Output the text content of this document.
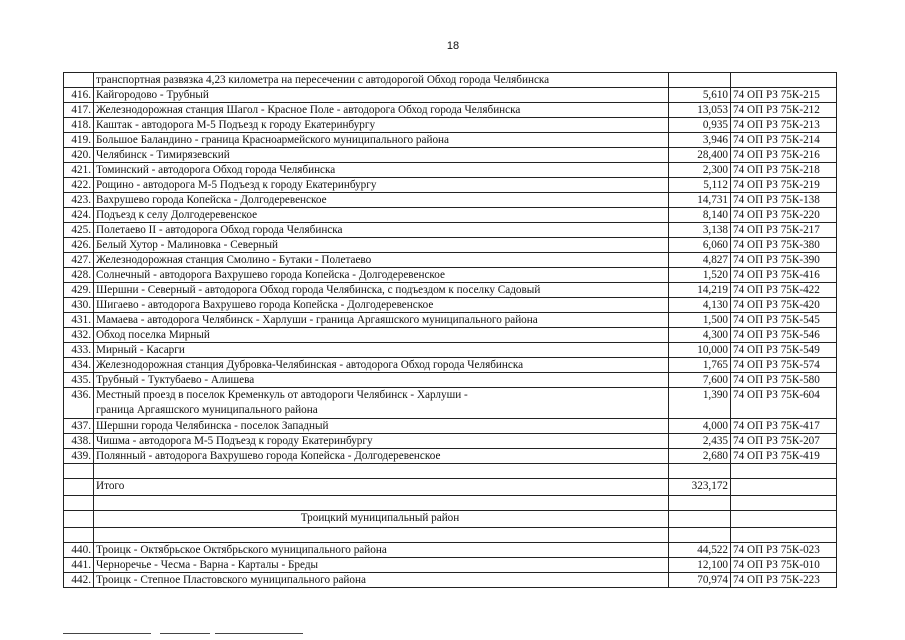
18
	транспортная развязка 4,23 километра на пересечении с автодорогой Обход города Челябинска		
416.	Кайгородово - Трубный	5,610	74 ОП РЗ 75К-215
417.	Железнодорожная станция Шагол - Красное Поле - автодорога Обход города Челябинска	13,053	74 ОП РЗ 75К-212
418.	Каштак - автодорога М-5 Подъезд к городу Екатеринбургу	0,935	74 ОП РЗ 75К-213
419.	Большое Баландино - граница Красноармейского муниципального района	3,946	74 ОП РЗ 75К-214
420.	Челябинск - Тимирязевский	28,400	74 ОП РЗ 75К-216
421.	Томинский - автодорога Обход города Челябинска	2,300	74 ОП РЗ 75К-218
422.	Рощино - автодорога М-5 Подъезд к городу Екатеринбургу	5,112	74 ОП РЗ 75К-219
423.	Вахрушево города Копейска - Долгодеревенское	14,731	74 ОП РЗ 75К-138
424.	Подъезд к селу Долгодеревенское	8,140	74 ОП РЗ 75К-220
425.	Полетаево II - автодорога Обход города Челябинска	3,138	74 ОП РЗ 75К-217
426.	Белый Хутор - Малиновка - Северный	6,060	74 ОП РЗ 75К-380
427.	Железнодорожная станция Смолино - Бутаки - Полетаево	4,827	74 ОП РЗ 75К-390
428.	Солнечный - автодорога Вахрушево города Копейска - Долгодеревенское	1,520	74 ОП РЗ 75К-416
429.	Шершни - Северный - автодорога Обход города Челябинска, с подъездом к поселку Садовый	14,219	74 ОП РЗ 75К-422
430.	Шигаево - автодорога Вахрушево города Копейска - Долгодеревенское	4,130	74 ОП РЗ 75К-420
431.	Мамаева - автодорога Челябинск - Харлуши - граница Аргаяшского муниципального района	1,500	74 ОП РЗ 75К-545
432.	Обход поселка Мирный	4,300	74 ОП РЗ 75К-546
433.	Мирный - Касарги	10,000	74 ОП РЗ 75К-549
434.	Железнодорожная станция Дубровка-Челябинская - автодорога Обход города Челябинска	1,765	74 ОП РЗ 75К-574
435.	Трубный - Туктубаево - Алишева	7,600	74 ОП РЗ 75К-580
436.	Местный проезд в поселок Кременкуль от автодороги Челябинск - Харлуши -
граница Аргаяшского муниципального района	1,390	74 ОП РЗ 75К-604
437.	Шершни города Челябинска - поселок Западный	4,000	74 ОП РЗ 75К-417
438.	Чишма - автодорога М-5 Подъезд к городу Екатеринбургу	2,435	74 ОП РЗ 75К-207
439.	Полянный - автодорога Вахрушево города Копейска - Долгодеревенское	2,680	74 ОП РЗ 75К-419

	Итого	323,172	

	Троицкий муниципальный район		

440.	Троицк - Октябрьское Октябрьского муниципального района	44,522	74 ОП РЗ 75К-023
441.	Черноречье - Чесма - Варна - Карталы - Бреды	12,100	74 ОП РЗ 75К-010
442.	Троицк - Степное Пластовского муниципального района	70,974	74 ОП РЗ 75К-223
